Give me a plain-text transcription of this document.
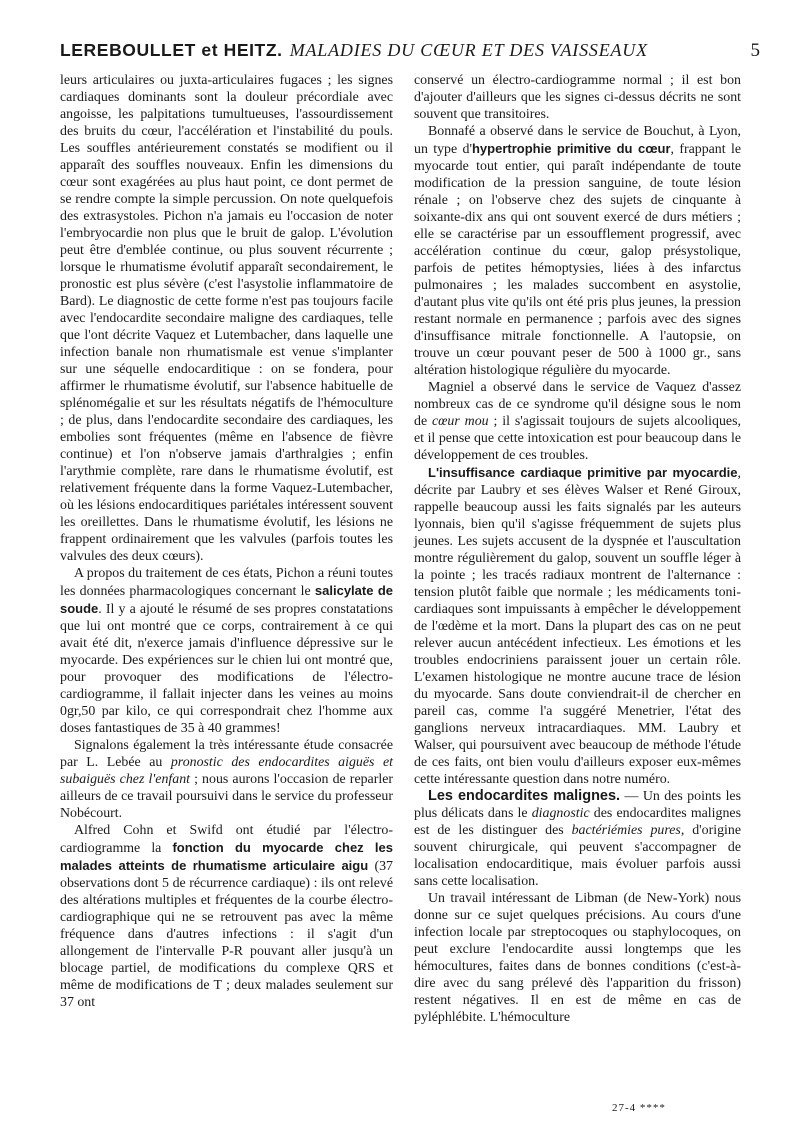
LEREBOULLET et HEITZ. MALADIES DU CŒUR ET DES VAISSEAUX	5

leurs articulaires ou juxta-articulaires fugaces ; les signes cardiaques dominants sont la douleur précordiale avec angoisse, les palpitations tumultueuses, l'assourdissement des bruits du cœur, l'accélération et l'instabilité du pouls. Les souffles antérieurement constatés se modifient ou il apparaît des souffles nouveaux. Enfin les dimensions du cœur sont exagérées au plus haut point, ce dont permet de se rendre compte la simple percussion. On note quelquefois des extrasystoles. Pichon n'a jamais eu l'occasion de noter l'embryocardie non plus que le bruit de galop. L'évolution peut être d'emblée continue, ou plus souvent récurrente ; lorsque le rhumatisme évolutif apparaît secondairement, le pronostic est plus sévère (c'est l'asystolie inflammatoire de Bard). Le diagnostic de cette forme n'est pas toujours facile avec l'endocardite secondaire maligne des cardiaques, telle que l'ont décrite Vaquez et Lutembacher, dans laquelle une infection banale non rhumatismale est venue s'implanter sur une séquelle endocarditique : on se fondera, pour affirmer le rhumatisme évolutif, sur l'absence habituelle de splénomégalie et sur les résultats négatifs de l'hémoculture ; de plus, dans l'endocardite secondaire des cardiaques, les embolies sont fréquentes (même en l'absence de fièvre continue) et l'on n'observe jamais d'arthralgies ; enfin l'arythmie complète, rare dans le rhumatisme évolutif, est relativement fréquente dans la forme Vaquez-Lutembacher, où les lésions endocarditiques pariétales intéressent souvent les oreillettes. Dans le rhumatisme évolutif, les lésions ne frappent ordinairement que les valvules (parfois toutes les valvules des deux cœurs).

A propos du traitement de ces états, Pichon a réuni toutes les données pharmacologiques concernant le salicylate de soude. Il y a ajouté le résumé de ses propres constatations que lui ont montré que ce corps, contrairement à ce qui avait été dit, n'exerce jamais d'influence dépressive sur le myocarde. Des expériences sur le chien lui ont montré que, pour provoquer des modifications de l'électro-cardiogramme, il fallait injecter dans les veines au moins 0gr,50 par kilo, ce qui correspondrait chez l'homme aux doses fantastiques de 35 à 40 grammes!

Signalons également la très intéressante étude consacrée par L. Lebée au pronostic des endocardites aiguës et subaiguës chez l'enfant ; nous aurons l'occasion de reparler ailleurs de ce travail poursuivi dans le service du professeur Nobécourt.

Alfred Cohn et Swifd ont étudié par l'électro-cardiogramme la fonction du myocarde chez les malades atteints de rhumatisme articulaire aigu (37 observations dont 5 de récurrence cardiaque) : ils ont relevé des altérations multiples et fréquentes de la courbe électro-cardiographique qui ne se retrouvent pas avec la même fréquence dans d'autres infections : il s'agit d'un allongement de l'intervalle P-R pouvant aller jusqu'à un blocage partiel, de modifications du complexe QRS et même de modifications de T ; deux malades seulement sur 37 ont

conservé un électro-cardiogramme normal ; il est bon d'ajouter d'ailleurs que les signes ci-dessus décrits ne sont souvent que transitoires.

Bonnafé a observé dans le service de Bouchut, à Lyon, un type d'hypertrophie primitive du cœur, frappant le myocarde tout entier, qui paraît indépendante de toute modification de la pression sanguine, de toute lésion rénale ; on l'observe chez des sujets de cinquante à soixante-dix ans qui ont souvent exercé de durs métiers ; elle se caractérise par un essoufflement progressif, avec accélération continue du cœur, galop présystolique, parfois de petites hémoptysies, liées à des infarctus pulmonaires ; les malades succombent en asystolie, d'autant plus vite qu'ils ont été pris plus jeunes, la pression restant normale en permanence ; parfois avec des signes d'insuffisance mitrale fonctionnelle. A l'autopsie, on trouve un cœur pouvant peser de 500 à 1000 gr., sans altération histologique régulière du myocarde.

Magniel a observé dans le service de Vaquez d'assez nombreux cas de ce syndrome qu'il désigne sous le nom de cœur mou ; il s'agissait toujours de sujets alcooliques, et il pense que cette intoxication est pour beaucoup dans le développement de ces troubles.

L'insuffisance cardiaque primitive par myocardie, décrite par Laubry et ses élèves Walser et René Giroux, rappelle beaucoup aussi les faits signalés par les auteurs lyonnais, bien qu'il s'agisse fréquemment de sujets plus jeunes. Les sujets accusent de la dyspnée et l'auscultation montre régulièrement du galop, souvent un souffle léger à la pointe ; les tracés radiaux montrent de l'alternance : tension plutôt faible que normale ; les médicaments toni-cardiaques sont impuissants à empêcher le développement de l'œdème et la mort. Dans la plupart des cas on ne peut relever aucun antécédent infectieux. Les émotions et les troubles endocriniens paraissent jouer un certain rôle. L'examen histologique ne montre aucune trace de lésion du myocarde. Sans doute conviendrait-il de chercher en pareil cas, comme l'a suggéré Menetrier, l'état des ganglions nerveux intracardiaques. MM. Laubry et Walser, qui poursuivent avec beaucoup de méthode l'étude de ces faits, ont bien voulu d'ailleurs exposer eux-mêmes cette intéressante question dans notre numéro.

Les endocardites malignes. — Un des points les plus délicats dans le diagnostic des endocardites malignes est de les distinguer des bactériémies pures, d'origine souvent chirurgicale, qui peuvent s'accompagner de localisation endocarditique, mais évoluer parfois aussi sans cette localisation.

Un travail intéressant de Libman (de New-York) nous donne sur ce sujet quelques précisions. Au cours d'une infection locale par streptocoques ou staphylocoques, on peut exclure l'endocardite aussi longtemps que les hémocultures, faites dans de bonnes conditions (c'est-à-dire avec du sang prélevé dès l'apparition du frisson) restent négatives. Il en est de même en cas de pyléphlébite. L'hémoculture

27-4 ****
